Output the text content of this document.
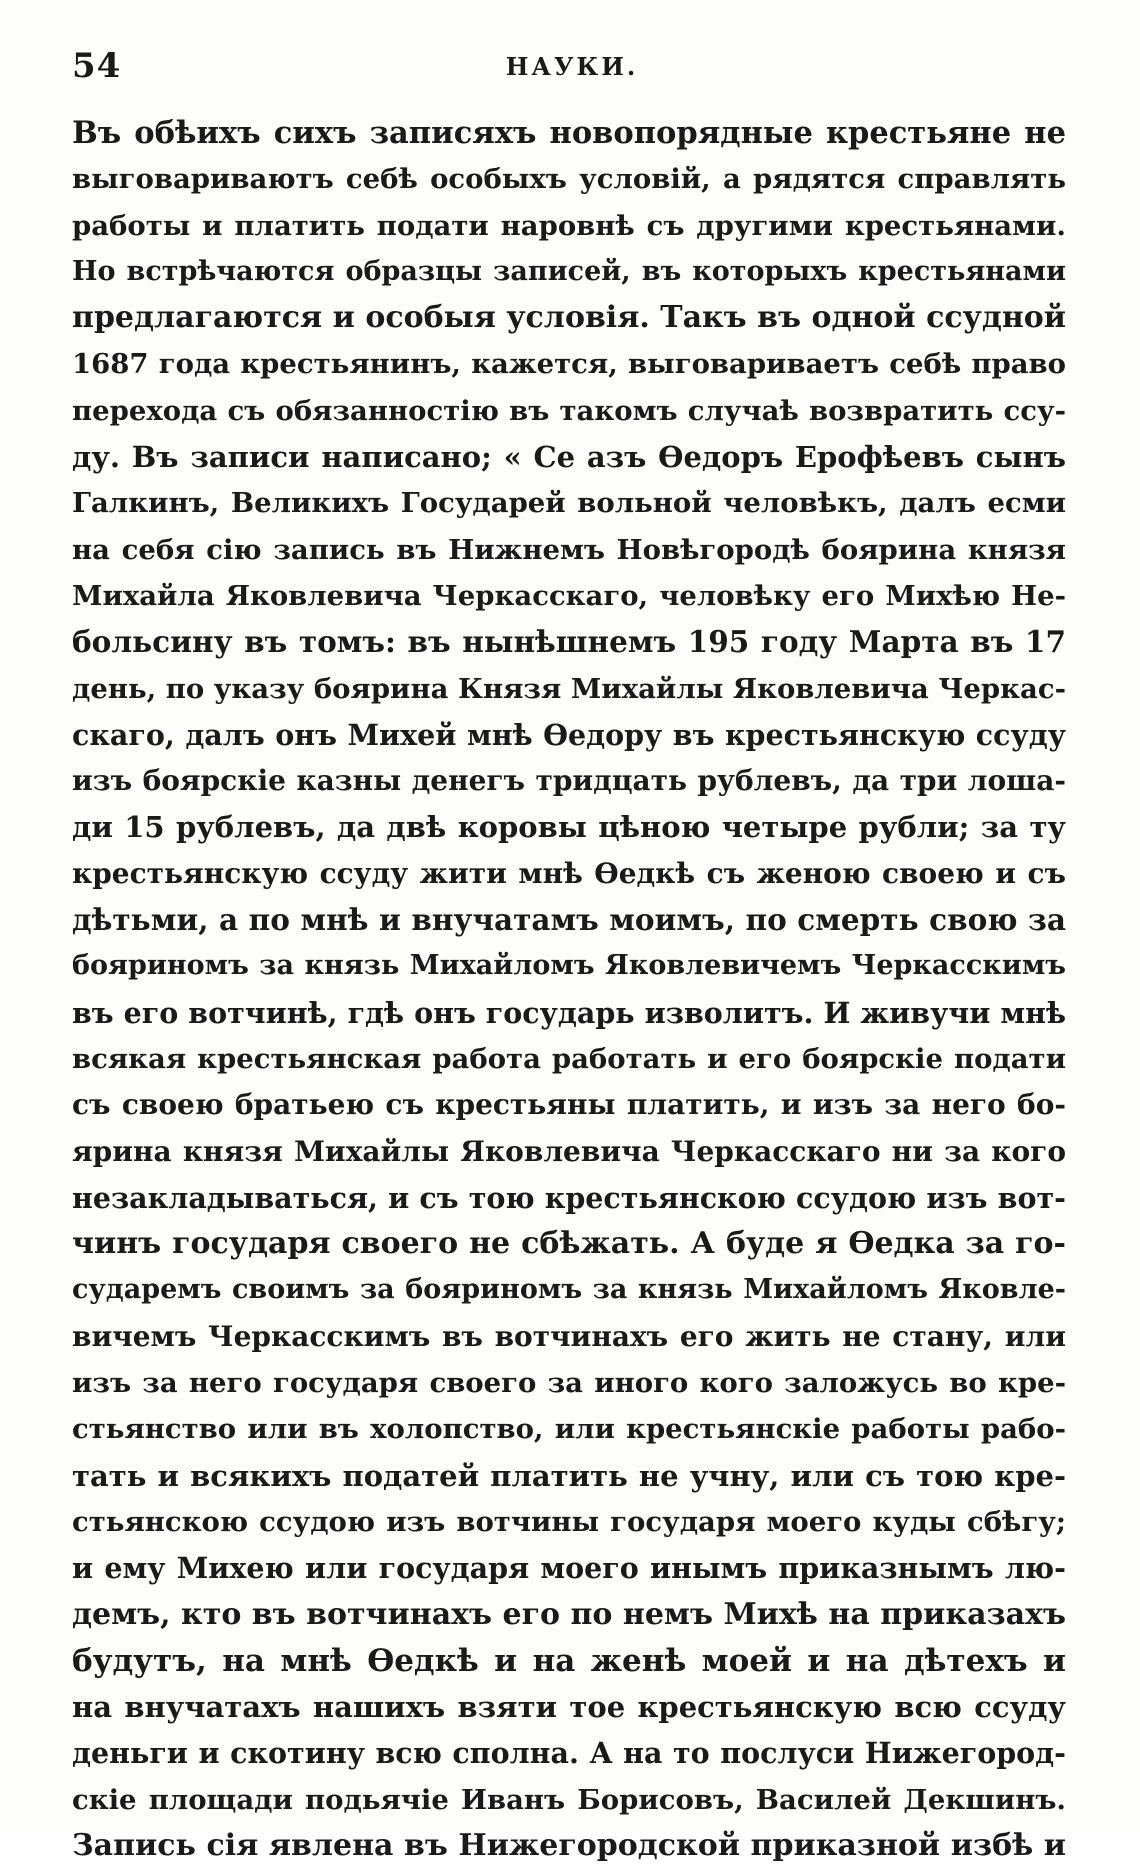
54	НАУКИ.
Въ обѣихъ сихъ записяхъ новопорядные крестьяне не
выговариваютъ себѣ особыхъ условій, а рядятся справлять
работы и платить подати наровнѣ съ другими крестьянами.
Но встрѣчаются образцы записей, въ которыхъ крестьянами
предлагаются и особыя условія. Такъ въ одной ссудной
1687 года крестьянинъ, кажется, выговариваетъ себѣ право
перехода съ обязанностію въ такомъ случаѣ возвратить ссу-
ду. Въ записи написано; « Се азъ Ѳедоръ Ерофѣевъ сынъ
Галкинъ, Великихъ Государей вольной человѣкъ, далъ есми
на себя сію запись въ Нижнемъ Новѣгородѣ боярина князя
Михайла Яковлевича Черкасскаго, человѣку его Михѣю Не-
больсину въ томъ: въ нынѣшнемъ 195 году Марта въ 17
день, по указу боярина Князя Михайлы Яковлевича Черкас-
скаго, далъ онъ Михей мнѣ Ѳедору въ крестьянскую ссуду
изъ боярскіе казны денегъ тридцать рублевъ, да три лоша-
ди 15 рублевъ, да двѣ коровы цѣною четыре рубли; за ту
крестьянскую ссуду жити мнѣ Ѳедкѣ съ женою своею и съ
дѣтьми, а по мнѣ и внучатамъ моимъ, по смерть свою за
бояриномъ за князь Михайломъ Яковлевичемъ Черкасскимъ
въ его вотчинѣ, гдѣ онъ государь изволитъ. И живучи мнѣ
всякая крестьянская работа работать и его боярскіе подати
съ своею братьею съ крестьяны платить, и изъ за него бо-
ярина князя Михайлы Яковлевича Черкасскаго ни за кого
незакладываться, и съ тою крестьянскою ссудою изъ вот-
чинъ государя своего не сбѣжать. А буде я Ѳедка за го-
сударемъ своимъ за бояриномъ за князь Михайломъ Яковле-
вичемъ Черкасскимъ въ вотчинахъ его жить не стану, или
изъ за него государя своего за иного кого заложусь во кре-
стьянство или въ холопство, или крестьянскіе работы рабо-
тать и всякихъ податей платить не учну, или съ тою кре-
стьянскою ссудою изъ вотчины государя моего куды сбѣгу;
и ему Михею или государя моего инымъ приказнымъ лю-
демъ, кто въ вотчинахъ его по немъ Михѣ на приказахъ
будутъ, на мнѣ Ѳедкѣ и на женѣ моей и на дѣтехъ и
на внучатахъ нашихъ взяти тое крестьянскую всю ссуду
деньги и скотину всю сполна. А на то послуси Нижегород-
скіе площади подьячіе Иванъ Борисовъ, Василей Декшинъ.
Запись сія явлена въ Нижегородской приказной избѣ и
